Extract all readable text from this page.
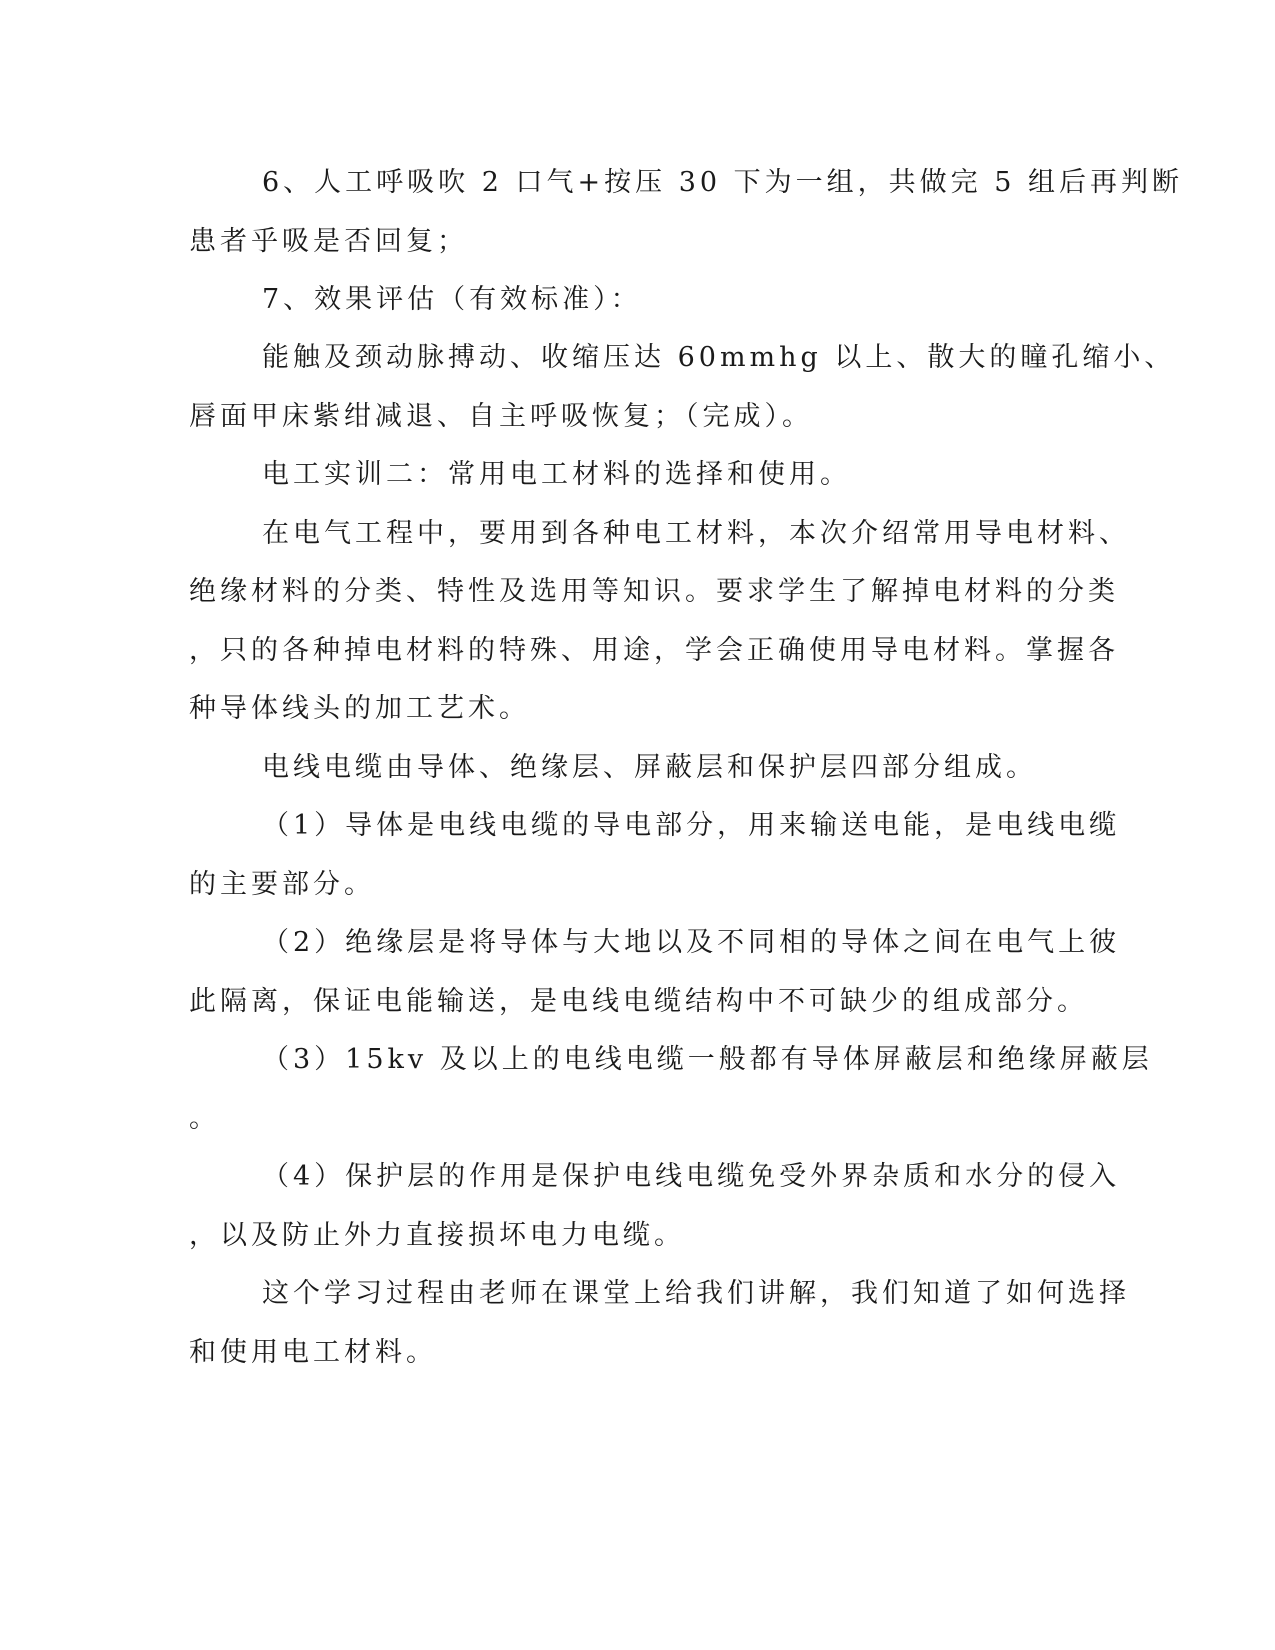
6、人工呼吸吹 2 口气+按压 30 下为一组，共做完 5 组后再判断
患者乎吸是否回复；
7、效果评估（有效标准）：
能触及颈动脉搏动、收缩压达 60mmhg 以上、散大的瞳孔缩小、
唇面甲床紫绀减退、自主呼吸恢复；（完成）。
电工实训二：常用电工材料的选择和使用。
在电气工程中，要用到各种电工材料，本次介绍常用导电材料、
绝缘材料的分类、特性及选用等知识。要求学生了解掉电材料的分类
，只的各种掉电材料的特殊、用途，学会正确使用导电材料。掌握各
种导体线头的加工艺术。
电线电缆由导体、绝缘层、屏蔽层和保护层四部分组成。
（1）导体是电线电缆的导电部分，用来输送电能，是电线电缆
的主要部分。
（2）绝缘层是将导体与大地以及不同相的导体之间在电气上彼
此隔离，保证电能输送，是电线电缆结构中不可缺少的组成部分。
（3）15kv 及以上的电线电缆一般都有导体屏蔽层和绝缘屏蔽层
。
（4）保护层的作用是保护电线电缆免受外界杂质和水分的侵入
，以及防止外力直接损坏电力电缆。
这个学习过程由老师在课堂上给我们讲解，我们知道了如何选择
和使用电工材料。
